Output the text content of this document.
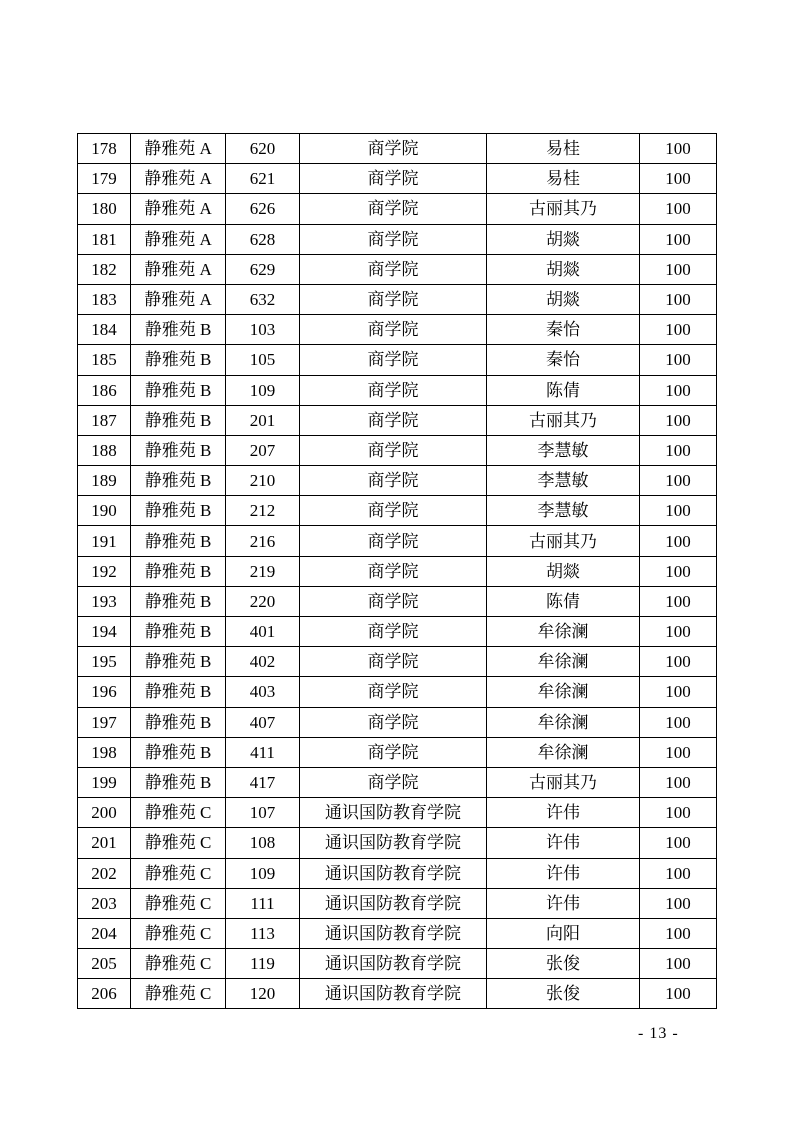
178	静雅苑 A	620	商学院	易桂	100
179	静雅苑 A	621	商学院	易桂	100
180	静雅苑 A	626	商学院	古丽其乃	100
181	静雅苑 A	628	商学院	胡燚	100
182	静雅苑 A	629	商学院	胡燚	100
183	静雅苑 A	632	商学院	胡燚	100
184	静雅苑 B	103	商学院	秦怡	100
185	静雅苑 B	105	商学院	秦怡	100
186	静雅苑 B	109	商学院	陈倩	100
187	静雅苑 B	201	商学院	古丽其乃	100
188	静雅苑 B	207	商学院	李慧敏	100
189	静雅苑 B	210	商学院	李慧敏	100
190	静雅苑 B	212	商学院	李慧敏	100
191	静雅苑 B	216	商学院	古丽其乃	100
192	静雅苑 B	219	商学院	胡燚	100
193	静雅苑 B	220	商学院	陈倩	100
194	静雅苑 B	401	商学院	牟徐澜	100
195	静雅苑 B	402	商学院	牟徐澜	100
196	静雅苑 B	403	商学院	牟徐澜	100
197	静雅苑 B	407	商学院	牟徐澜	100
198	静雅苑 B	411	商学院	牟徐澜	100
199	静雅苑 B	417	商学院	古丽其乃	100
200	静雅苑 C	107	通识国防教育学院	许伟	100
201	静雅苑 C	108	通识国防教育学院	许伟	100
202	静雅苑 C	109	通识国防教育学院	许伟	100
203	静雅苑 C	111	通识国防教育学院	许伟	100
204	静雅苑 C	113	通识国防教育学院	向阳	100
205	静雅苑 C	119	通识国防教育学院	张俊	100
206	静雅苑 C	120	通识国防教育学院	张俊	100
- 13 -
